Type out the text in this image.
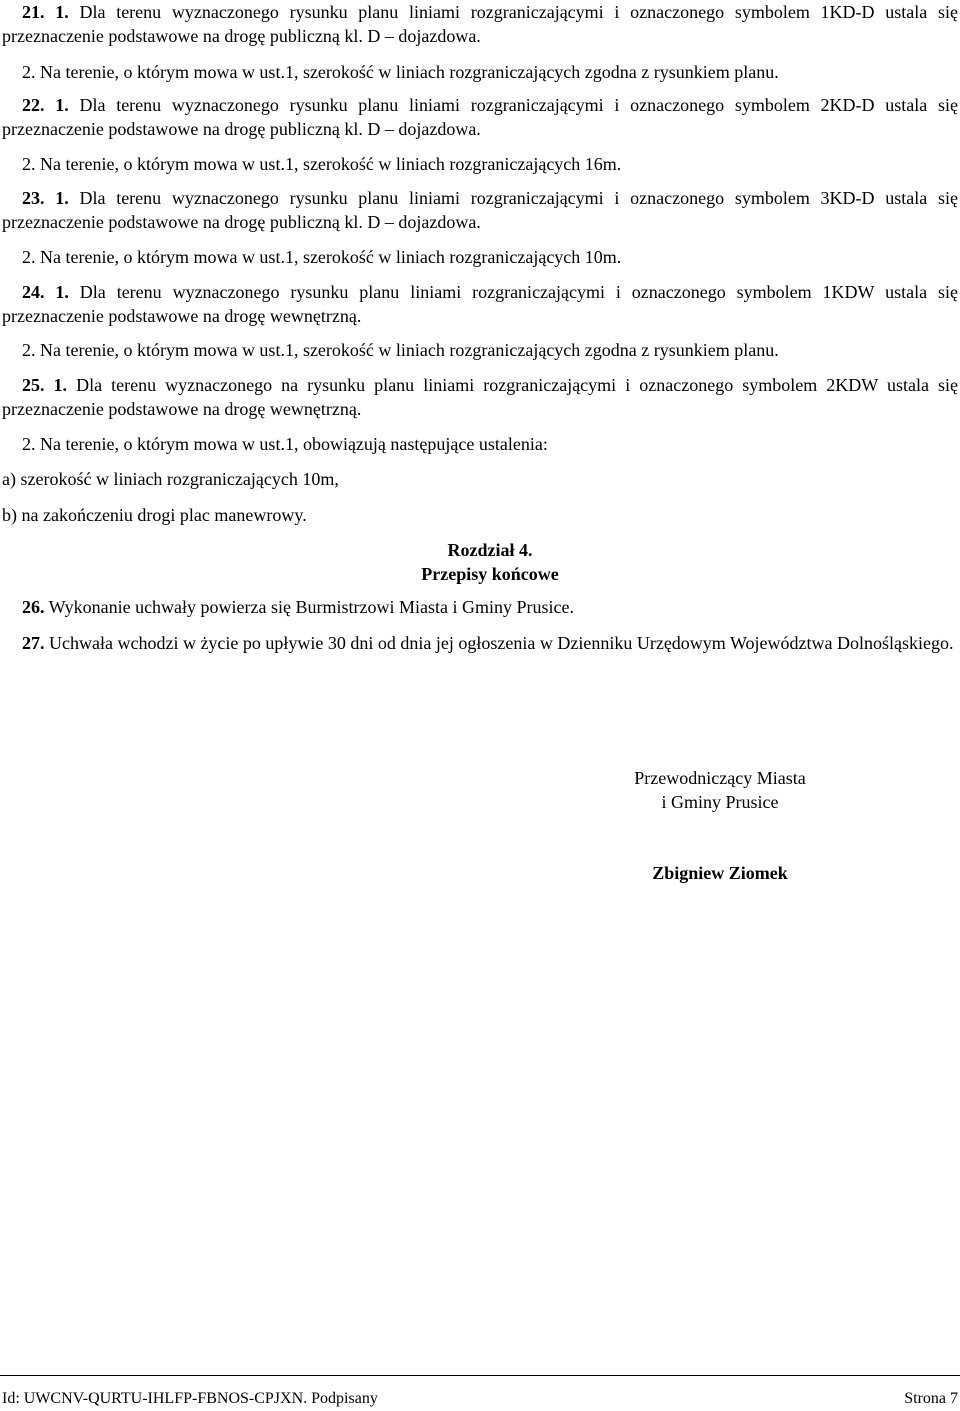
21. 1. Dla terenu wyznaczonego rysunku planu liniami rozgraniczającymi i oznaczonego symbolem 1KD-D ustala się przeznaczenie podstawowe na drogę publiczną kl. D – dojazdowa.

2. Na terenie, o którym mowa w ust.1, szerokość w liniach rozgraniczających zgodna z rysunkiem planu.

22. 1. Dla terenu wyznaczonego rysunku planu liniami rozgraniczającymi i oznaczonego symbolem 2KD-D ustala się przeznaczenie podstawowe na drogę publiczną kl. D – dojazdowa.

2. Na terenie, o którym mowa w ust.1, szerokość w liniach rozgraniczających 16m.

23. 1. Dla terenu wyznaczonego rysunku planu liniami rozgraniczającymi i oznaczonego symbolem 3KD-D ustala się przeznaczenie podstawowe na drogę publiczną kl. D – dojazdowa.

2. Na terenie, o którym mowa w ust.1, szerokość w liniach rozgraniczających 10m.

24. 1. Dla terenu wyznaczonego rysunku planu liniami rozgraniczającymi i oznaczonego symbolem 1KDW ustala się przeznaczenie podstawowe na drogę wewnętrzną.

2. Na terenie, o którym mowa w ust.1, szerokość w liniach rozgraniczających zgodna z rysunkiem planu.

25. 1. Dla terenu wyznaczonego na rysunku planu liniami rozgraniczającymi i oznaczonego symbolem 2KDW ustala się przeznaczenie podstawowe na drogę wewnętrzną.

2. Na terenie, o którym mowa w ust.1, obowiązują następujące ustalenia:

a) szerokość w liniach rozgraniczających 10m,

b) na zakończeniu drogi plac manewrowy.

Rozdział 4.

Przepisy końcowe

26. Wykonanie uchwały powierza się Burmistrzowi Miasta i Gminy Prusice.

27. Uchwała wchodzi w życie po upływie 30 dni od dnia jej ogłoszenia w Dzienniku Urzędowym Województwa Dolnośląskiego.

Przewodniczący Miasta

i Gminy Prusice

Zbigniew Ziomek

Id: UWCNV-QURTU-IHLFP-FBNOS-CPJXN. Podpisany	Strona 7
